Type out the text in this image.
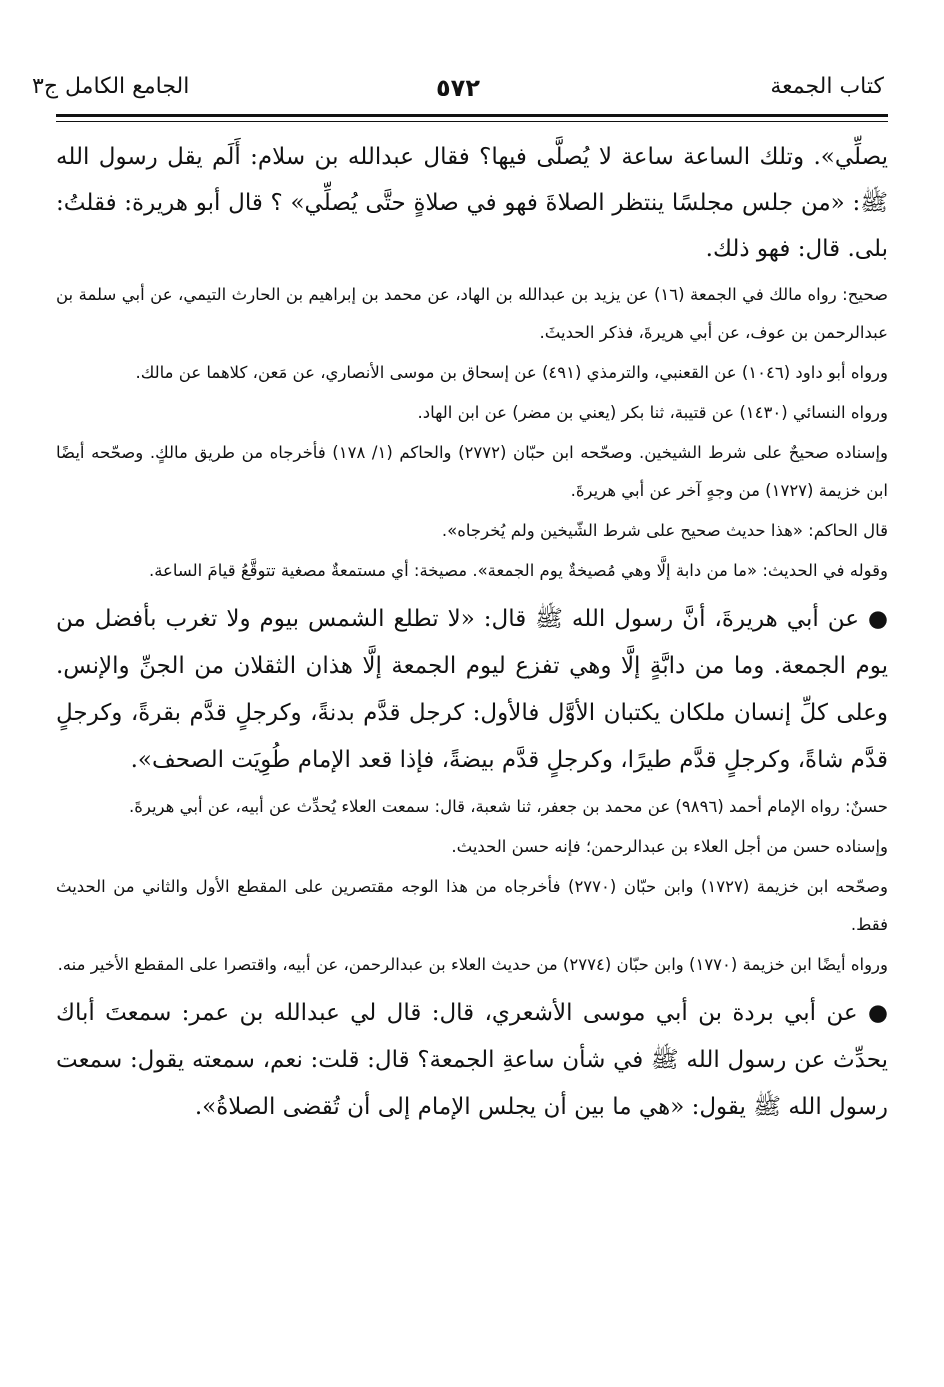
كتاب الجمعة
٥٧٢
الجامع الكامل ج٣

يصلِّي». وتلك الساعة ساعة لا يُصلَّى فيها؟ فقال عبدالله بن سلام: أَلَم يقل رسول الله ﷺ: «من جلس مجلسًا ينتظر الصلاةَ فهو في صلاةٍ حتَّى يُصلِّي» ؟ قال أبو هريرة: فقلتُ: بلى. قال: فهو ذلك.

صحيح: رواه مالك في الجمعة (١٦) عن يزيد بن عبدالله بن الهاد، عن محمد بن إبراهيم بن الحارث التيمي، عن أبي سلمة بن عبدالرحمن بن عوف، عن أبي هريرةَ، فذكر الحديثَ.

ورواه أبو داود (١٠٤٦) عن القعنبي، والترمذي (٤٩١) عن إسحاق بن موسى الأنصاري، عن مَعن، كلاهما عن مالك.

ورواه النسائي (١٤٣٠) عن قتيبة، ثنا بكر (يعني بن مضر) عن ابن الهاد.

وإسناده صحيحٌ على شرط الشيخين. وصحّحه ابن حبّان (٢٧٧٢) والحاكم (١/ ١٧٨) فأخرجاه من طريق مالكٍ. وصحّحه أيضًا ابن خزيمة (١٧٢٧) من وجهٍ آخر عن أبي هريرةَ.

قال الحاكم: «هذا حديث صحيح على شرط الشّيخين ولم يُخرجاه».

وقوله في الحديث: «ما من دابة إلَّا وهي مُصيخةٌ يوم الجمعة». مصيخة: أي مستمعةٌ مصغية تتوقَّعُ قيامَ الساعة.

● عن أبي هريرةَ، أنَّ رسول الله ﷺ قال: «لا تطلع الشمس بيوم ولا تغرب بأفضل من يوم الجمعة. وما من دابَّةٍ إلَّا وهي تفزع ليوم الجمعة إلَّا هذان الثقلان من الجنِّ والإنس. وعلى كلِّ إنسان ملكان يكتبان الأوَّل فالأول: كرجل قدَّم بدنةً، وكرجلٍ قدَّم بقرةً، وكرجلٍ قدَّم شاةً، وكرجلٍ قدَّم طيرًا، وكرجلٍ قدَّم بيضةً، فإذا قعد الإمام طُوِيَت الصحف».

حسنٌ: رواه الإمام أحمد (٩٨٩٦) عن محمد بن جعفر، ثنا شعبة، قال: سمعت العلاء يُحدِّث عن أبيه، عن أبي هريرةَ.

وإسناده حسن من أجل العلاء بن عبدالرحمن؛ فإنه حسن الحديث.

وصحّحه ابن خزيمة (١٧٢٧) وابن حبّان (٢٧٧٠) فأخرجاه من هذا الوجه مقتصرين على المقطع الأول والثاني من الحديث فقط.

ورواه أيضًا ابن خزيمة (١٧٧٠) وابن حبّان (٢٧٧٤) من حديث العلاء بن عبدالرحمن، عن أبيه، واقتصرا على المقطع الأخير منه.

● عن أبي بردة بن أبي موسى الأشعري، قال: قال لي عبدالله بن عمر: سمعتَ أباك يحدِّث عن رسول الله ﷺ في شأن ساعةِ الجمعة؟ قال: قلت: نعم، سمعته يقول: سمعت رسول الله ﷺ يقول: «هي ما بين أن يجلس الإمام إلى أن تُقضى الصلاةُ».
